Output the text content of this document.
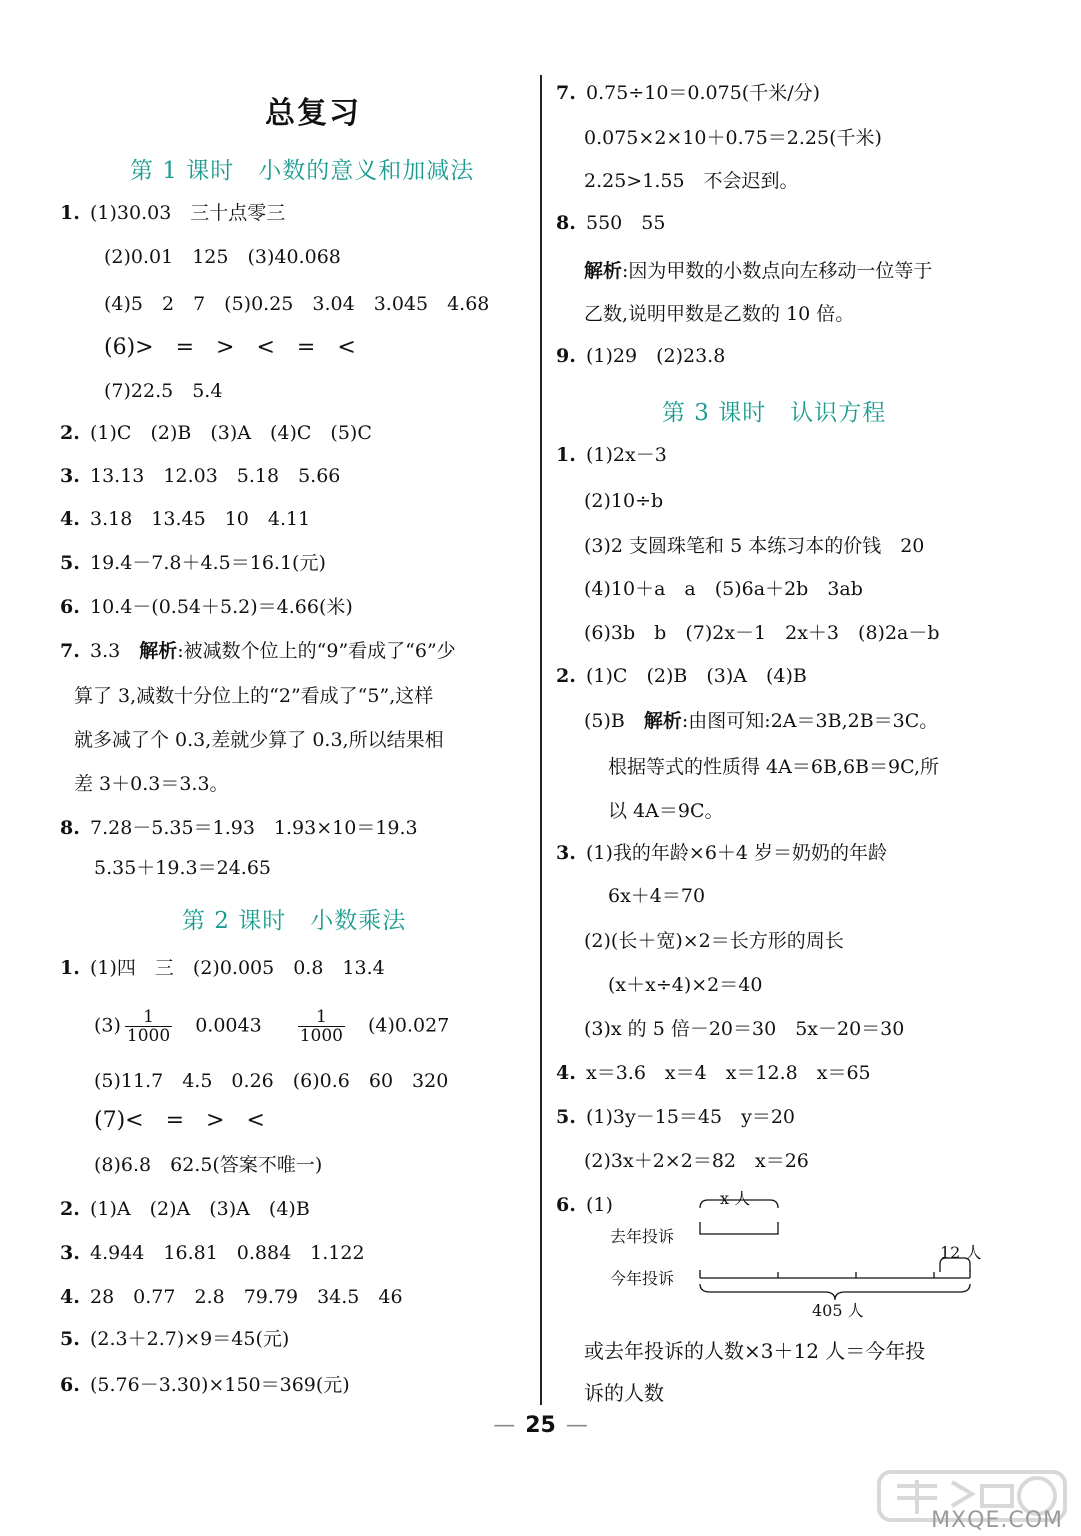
总复习
第 1 课时　小数的意义和加减法
1. (1)30.03　三十点零三
(2)0.01　125　(3)40.068
(4)5　2　7　(5)0.25　3.04　3.045　4.68
(6)>　=　>　<　=　<
(7)22.5　5.4
2. (1)C　(2)B　(3)A　(4)C　(5)C
3. 13.13　12.03　5.18　5.66
4. 3.18　13.45　10　4.11
5. 19.4－7.8＋4.5＝16.1(元)
6. 10.4－(0.54＋5.2)＝4.66(米)
7. 3.3　解析:被减数个位上的“9”看成了“6”少
算了 3,减数十分位上的“2”看成了“5”,这样
就多减了个 0.3,差就少算了 0.3,所以结果相
差 3＋0.3＝3.3。
8. 7.28－5.35＝1.93　1.93×10＝19.3
5.35＋19.3＝24.65
第 2 课时　小数乘法
1. (1)四　三　(2)0.005　0.8　13.4
$(3) \frac{1}{1000}$ 　$0.0043 \frac{1}{1000}$ 　(4)0.027
(5)11.7　4.5　0.26　(6)0.6　60　320
(7)<　=　>　<
(8)6.8　62.5(答案不唯一)
2. (1)A　(2)A　(3)A　(4)B
3. 4.944　16.81　0.884　1.122
4. 28　0.77　2.8　79.79　34.5　46
5. (2.3＋2.7)×9＝45(元)
6. (5.76－3.30)×150＝369(元)
7. 0.75÷10＝0.075(千米/分)
0.075×2×10＋0.75＝2.25(千米)
2.25>1.55　不会迟到。
8. 550　55
解析:因为甲数的小数点向左移动一位等于
乙数,说明甲数是乙数的 10 倍。
9. (1)29　(2)23.8
第 3 课时　认识方程
1. (1)2x－3
(2)10÷b
(3)2 支圆珠笔和 5 本练习本的价钱　20
(4)10＋a　a　(5)6a＋2b　3ab
(6)3b　b　(7)2x－1　2x＋3　(8)2a－b
2. (1)C　(2)B　(3)A　(4)B
(5)B　解析:由图可知:2A＝3B,2B＝3C。
根据等式的性质得 4A＝6B,6B＝9C,所
以 4A＝9C。
3. (1)我的年龄×6＋4 岁＝奶奶的年龄
6x＋4＝70
(2)(长＋宽)×2＝长方形的周长
(x＋x÷4)×2＝40
(3)x 的 5 倍－20＝30　5x－20＝30
4. x＝3.6　x＝4　x＝12.8　x＝65
5. (1)3y－15＝45　y＝20
(2)3x＋2×2＝82　x＝26
6. (1)
或去年投诉的人数×3＋12 人＝今年投
诉的人数
x 人
去年投诉
今年投诉
12 人
405 人
— 25 —
MXQE.COM
